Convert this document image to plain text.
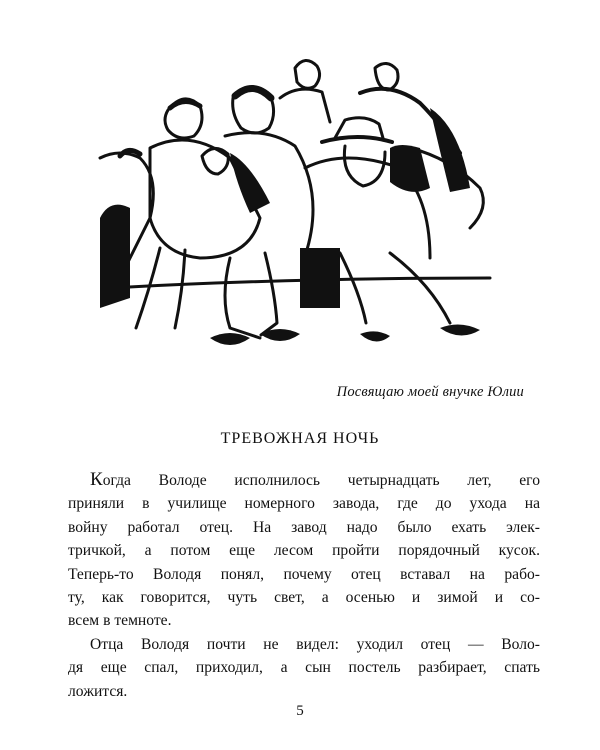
Посвящаю моей внучке Юлии
ТРЕВОЖНАЯ НОЧЬ

Когда Володе исполнилось четырнадцать лет, его
приняли в училище номерного завода, где до ухода на
войну работал отец. На завод надо было ехать элек-
тричкой, а потом еще лесом пройти порядочный кусок.
Теперь-то Володя понял, почему отец вставал на рабо-
ту, как говорится, чуть свет, а осенью и зимой и со-
всем в темноте.

Отца Володя почти не видел: уходил отец — Воло-
дя еще спал, приходил, а сын постель разбирает, спать
ложится.

5
